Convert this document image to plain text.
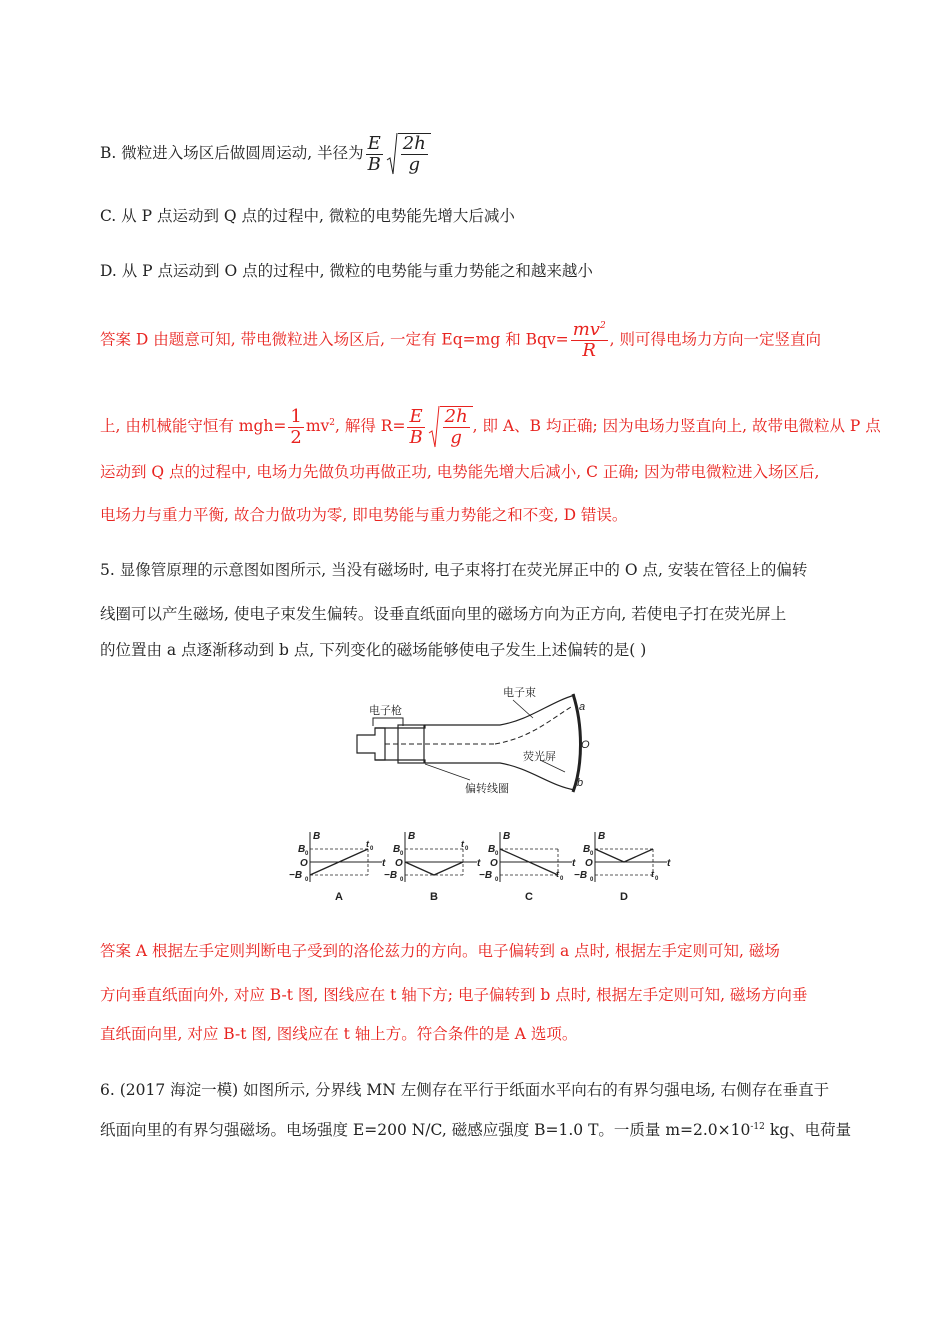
B. 微粒进入场区后做圆周运动, 半径为 $\frac{E}{B} \frac{2h}{g}$
C. 从 P 点运动到 Q 点的过程中, 微粒的电势能先增大后减小
D. 从 P 点运动到 O 点的过程中, 微粒的电势能与重力势能之和越来越小
答案 D 由题意可知, 带电微粒进入场区后, 一定有 Eq=mg 和 $Bqv= \frac{mv^2}{R}$ , 则可得电场力方向一定竖直向
上, 由机械能守恒有 $mgh= \frac{1}{2} mv^2$, 解得 $R= \frac{E}{B} \frac{2h}{g}$ , 即 A、B 均正确; 因为电场力竖直向上, 故带电微粒从 P 点
运动到 Q 点的过程中, 电场力先做负功再做正功, 电势能先增大后减小, C 正确; 因为带电微粒进入场区后,
电场力与重力平衡, 故合力做功为零, 即电势能与重力势能之和不变, D 错误。
5. 显像管原理的示意图如图所示, 当没有磁场时, 电子束将打在荧光屏正中的 O 点, 安装在管径上的偏转
线圈可以产生磁场, 使电子束发生偏转。设垂直纸面向里的磁场方向为正方向, 若使电子打在荧光屏上
的位置由 a 点逐渐移动到 b 点, 下列变化的磁场能够使电子发生上述偏转的是( )
电子枪
电子束
荧光屏
偏转线圈
a
O
b
B
t
B 0
O
−B 0
t 0
A
B
t
B 0
O
−B 0
t 0
B
B
t
B 0
O
−B 0
t 0
C
B
t
B 0
O
−B 0
t 0
D
答案 A 根据左手定则判断电子受到的洛伦兹力的方向。电子偏转到 a 点时, 根据左手定则可知, 磁场
方向垂直纸面向外, 对应 B-t 图, 图线应在 t 轴下方; 电子偏转到 b 点时, 根据左手定则可知, 磁场方向垂
直纸面向里, 对应 B-t 图, 图线应在 t 轴上方。符合条件的是 A 选项。
6. (2017 海淀一模) 如图所示, 分界线 MN 左侧存在平行于纸面水平向右的有界匀强电场, 右侧存在垂直于
纸面向里的有界匀强磁场。电场强度 E=200 N/C, 磁感应强度 B=1.0 T。一质量 $m=2.0\times 10^{-12}$ kg、电荷量
